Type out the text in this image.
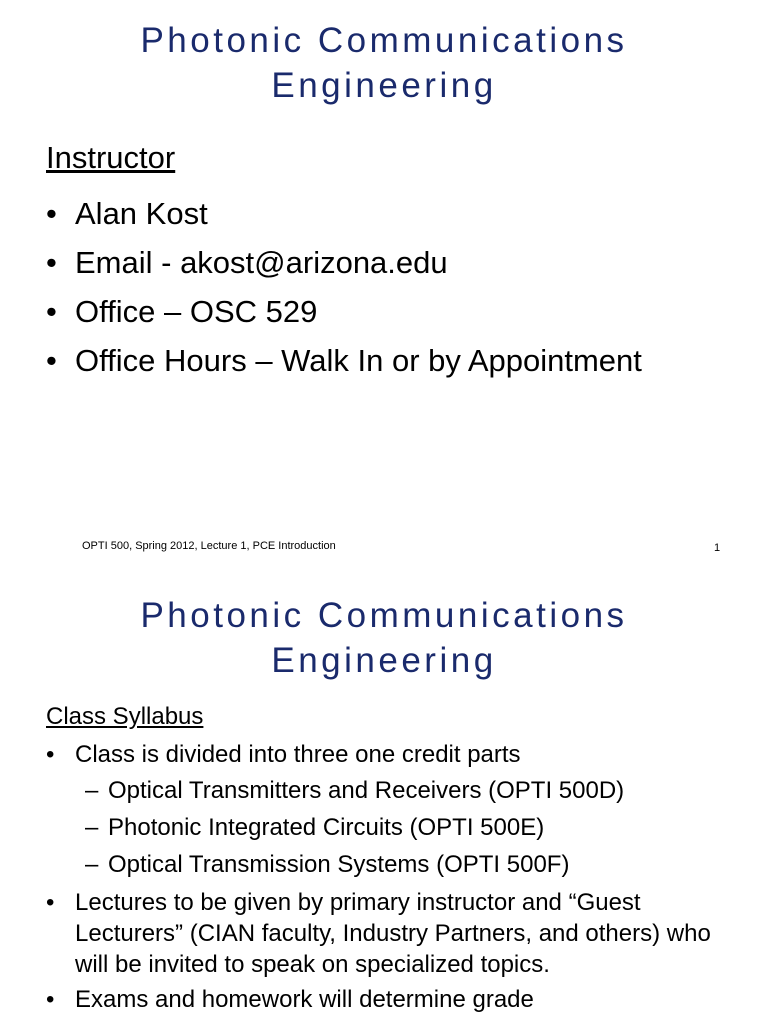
Photonic Communications
Engineering
Instructor
• Alan Kost
• Email - akost@arizona.edu
• Office – OSC 529
• Office Hours – Walk In or by Appointment
OPTI 500, Spring 2012, Lecture 1, PCE Introduction	1
Photonic Communications
Engineering
Class Syllabus
• Class is divided into three one credit parts
– Optical Transmitters and Receivers (OPTI 500D)
– Photonic Integrated Circuits (OPTI 500E)
– Optical Transmission Systems (OPTI 500F)
• Lectures to be given by primary instructor and “Guest Lecturers” (CIAN faculty, Industry Partners, and others) who will be invited to speak on specialized topics.
• Exams and homework will determine grade
